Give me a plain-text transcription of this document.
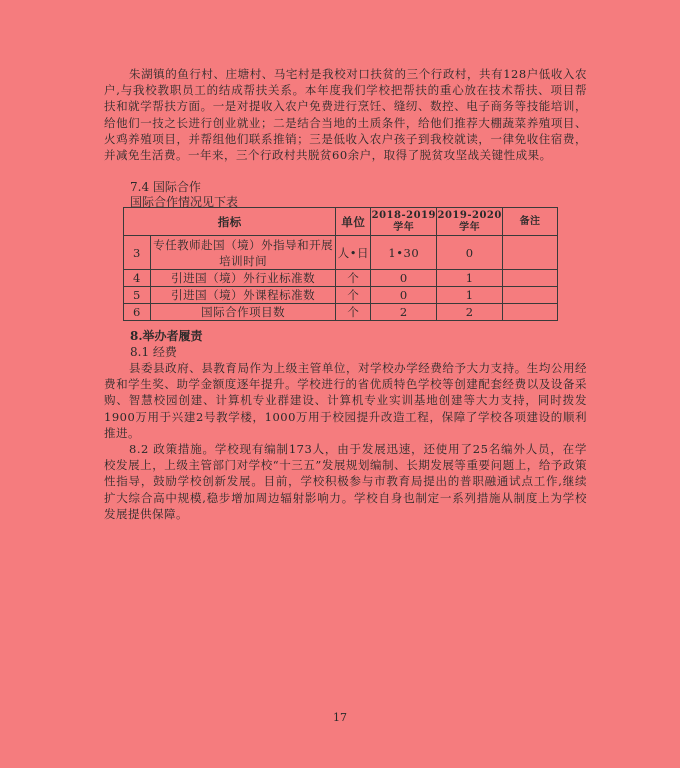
朱湖镇的鱼行村、庄塘村、马宅村是我校对口扶贫的三个行政村，共有128户低收入农户,与我校教职员工的结成帮扶关系。本年度我们学校把帮扶的重心放在技术帮扶、项目帮扶和就学帮扶方面。一是对提收入农户免费进行烹饪、缝纫、数控、电子商务等技能培训，给他们一技之长进行创业就业；二是结合当地的土质条件，给他们推荐大棚蔬菜养殖项目、火鸡养殖项目，并帮组他们联系推销；三是低收入农户孩子到我校就读，一律免收住宿费，并减免生活费。一年来，三个行政村共脱贫60余户，取得了脱贫攻坚战关键性成果。

7.4 国际合作

国际合作情况见下表

指标		单位	2018-2019学年	2019-2020学年	备注
3	专任教师赴国（境）外指导和开展培训时间	人•日	1•30	0	
4	引进国（境）外行业标准数	个	0	1	
5	引进国（境）外课程标准数	个	0	1	
6	国际合作项目数	个	2	2	

8.举办者履责

8.1 经费

县委县政府、县教育局作为上级主管单位，对学校办学经费给予大力支持。生均公用经费和学生奖、助学金额度逐年提升。学校进行的省优质特色学校等创建配套经费以及设备采购、智慧校园创建、计算机专业群建设、计算机专业实训基地创建等大力支持，同时拨发1900万用于兴建2号教学楼，1000万用于校园提升改造工程，保障了学校各项建设的顺利推进。

8.2 政策措施。学校现有编制173人，由于发展迅速，还使用了25名编外人员，在学校发展上，上级主管部门对学校“十三五”发展规划编制、长期发展等重要问题上，给予政策性指导，鼓励学校创新发展。目前，学校积极参与市教育局提出的普职融通试点工作,继续扩大综合高中规模,稳步增加周边辐射影响力。学校自身也制定一系列措施从制度上为学校发展提供保障。

17
